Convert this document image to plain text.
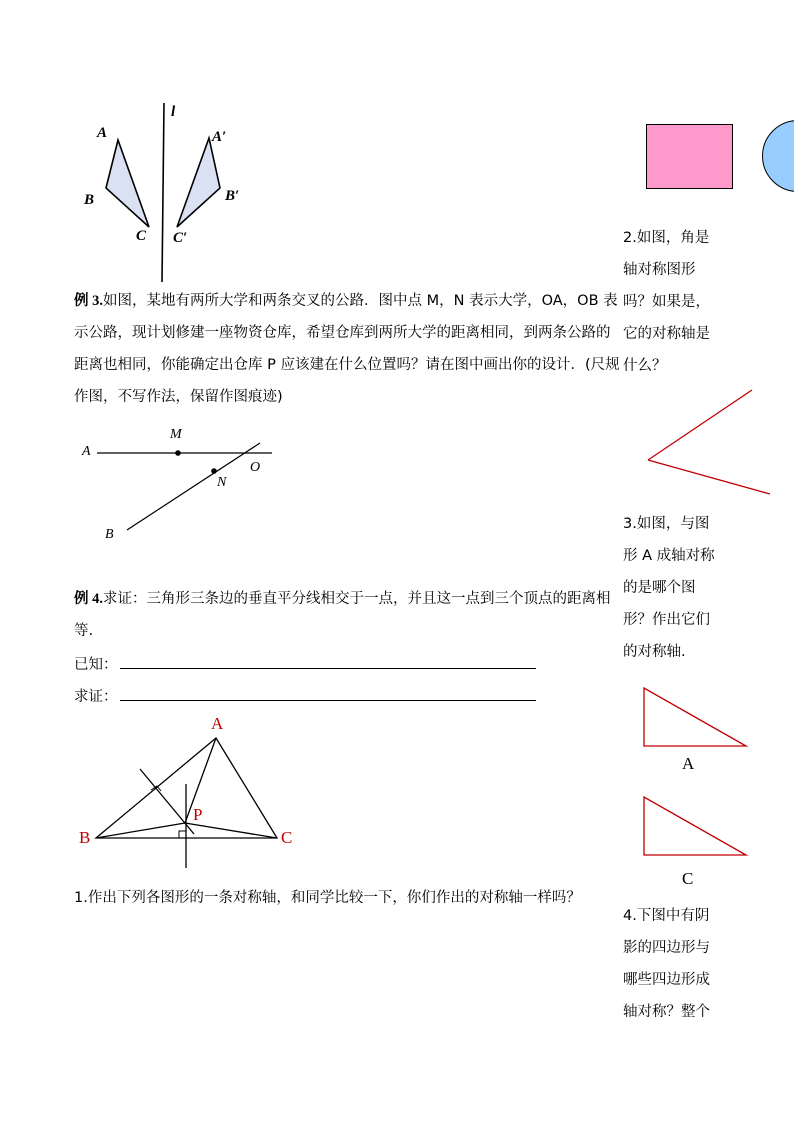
l
A
B
C
A′
B′
C′
例 3.如图，某地有两所大学和两条交叉的公路．图中点 M，N 表示大学，OA，OB 表示公路，现计划修建一座物资仓库，希望仓库到两所大学的距离相同，到两条公路的距离也相同，你能确定出仓库 P 应该建在什么位置吗？请在图中画出你的设计．(尺规作图，不写作法，保留作图痕迹)
A
M
N
O
B
例 4.求证：三角形三条边的垂直平分线相交于一点，并且这一点到三个顶点的距离相等.
已知：
求证：
A
B	C
P
1.作出下列各图形的一条对称轴，和同学比较一下，你们作出的对称轴一样吗？
2.如图，角是轴对称图形吗？如果是，它的对称轴是什么？
3.如图，与图形 A 成轴对称的是哪个图形？作出它们的对称轴.
A
C
4.下图中有阴影的四边形与哪些四边形成轴对称？整个
